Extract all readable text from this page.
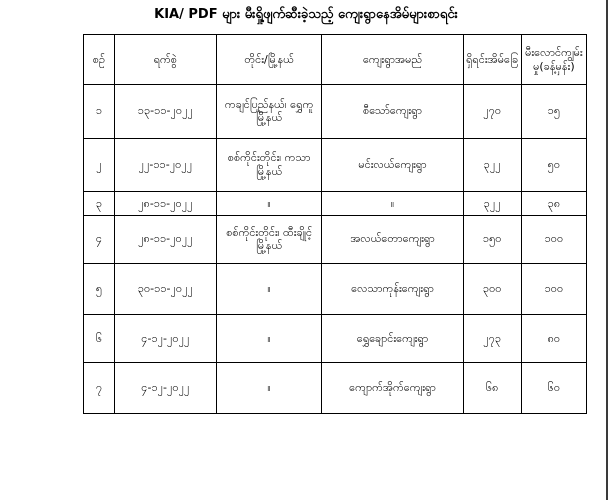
KIA/ PDF များ မီးရှို့ဖျက်ဆီးခဲ့သည့် ကျေးရွာနေအိမ်များစာရင်း
စဉ်	ရက်စွဲ	တိုင်း/မြို့နယ်	ကျေးရွာအမည်	ရှိရင်းအိမ်ခြေ	မီးလောင်ကျွမ်းမှု(ခန့်မှန်း)
၁	၁၃-၁၁-၂၀၂၂	ကချင်ပြည်နယ်၊ ရွှေကူမြို့နယ်	စီသော်ကျေးရွာ	၂၇၀	၁၅
၂	၂၂-၁၁-၂၀၂၂	စစ်ကိုင်းတိုင်း၊ ကသာမြို့နယ်	မင်းလယ်ကျေးရွာ	၃၂၂	၅၀
၃	၂၈-၁၁-၂၀၂၂	။	။	၃၂၂	၃၈
၄	၂၈-၁၁-၂၀၂၂	စစ်ကိုင်းတိုင်း၊ ထီးချိုင့်မြို့နယ်	အလယ်တောကျေးရွာ	၁၅၀	၁၀၀
၅	၃၀-၁၁-၂၀၂၂	။	လေသာကုန်းကျေးရွာ	၃၀၀	၁၀၀
၆	၄-၁၂-၂၀၂၂	။	ရွှေချောင်းကျေးရွာ	၂၇၃	၈၀
၇	၄-၁၂-၂၀၂၂	။	ကျောက်အိုက်ကျေးရွာ	၆၈	၆၀
